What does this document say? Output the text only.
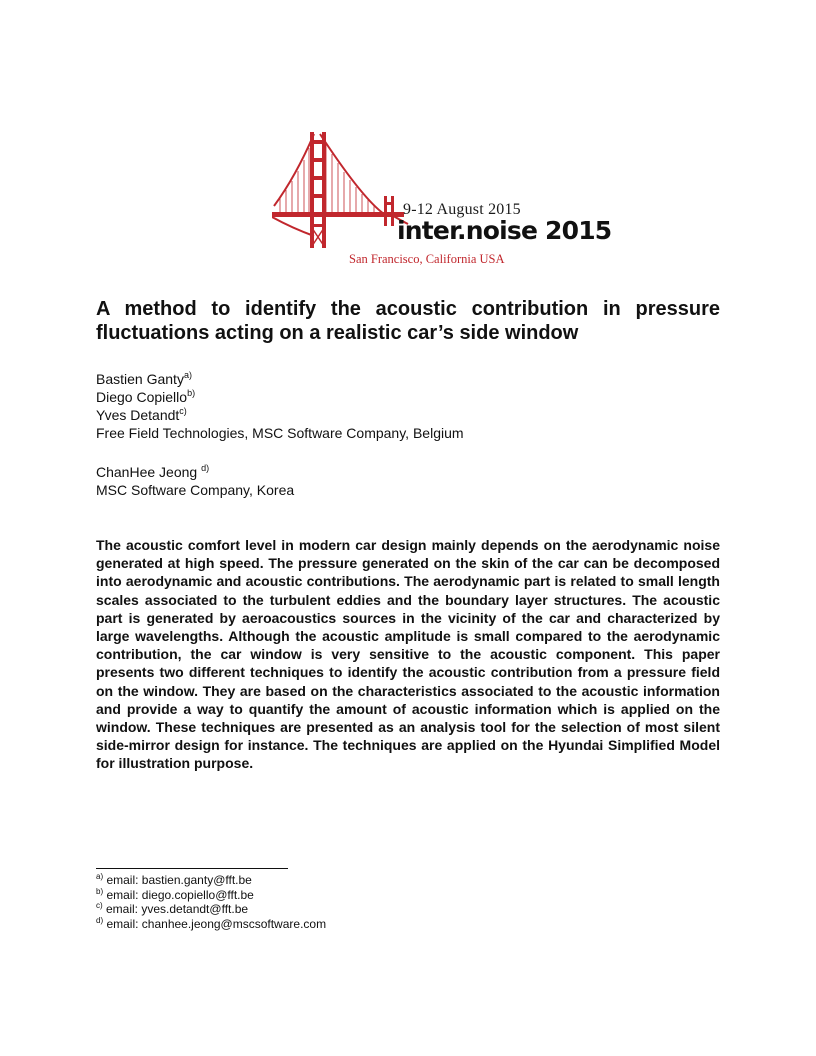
9-12 August 2015
inter.noise 2015
San Francisco, California USA
A method to identify the acoustic contribution in pressure fluctuations acting on a realistic car’s side window
Bastien Ganty$^{a)}$
Diego Copiello$^{b)}$
Yves Detandt$^{c)}$
Free Field Technologies, MSC Software Company, Belgium
ChanHee Jeong $^{d)}$
MSC Software Company, Korea

The acoustic comfort level in modern car design mainly depends on the aerodynamic noise generated at high speed. The pressure generated on the skin of the car can be decomposed into aerodynamic and acoustic contributions. The aerodynamic part is related to small length scales associated to the turbulent eddies and the boundary layer structures. The acoustic part is generated by aeroacoustics sources in the vicinity of the car and characterized by large wavelengths. Although the acoustic amplitude is small compared to the aerodynamic contribution, the car window is very sensitive to the acoustic component. This paper presents two different techniques to identify the acoustic contribution from a pressure field on the window. They are based on the characteristics associated to the acoustic information and provide a way to quantify the amount of acoustic information which is applied on the window. These techniques are presented as an analysis tool for the selection of most silent side-mirror design for instance. The techniques are applied on the Hyundai Simplified Model for illustration purpose.

$^{a)}$ email: bastien.ganty@fft.be
$^{b)}$ email: diego.copiello@fft.be
$^{c)}$ email: yves.detandt@fft.be
$^{d)}$ email: chanhee.jeong@mscsoftware.com
